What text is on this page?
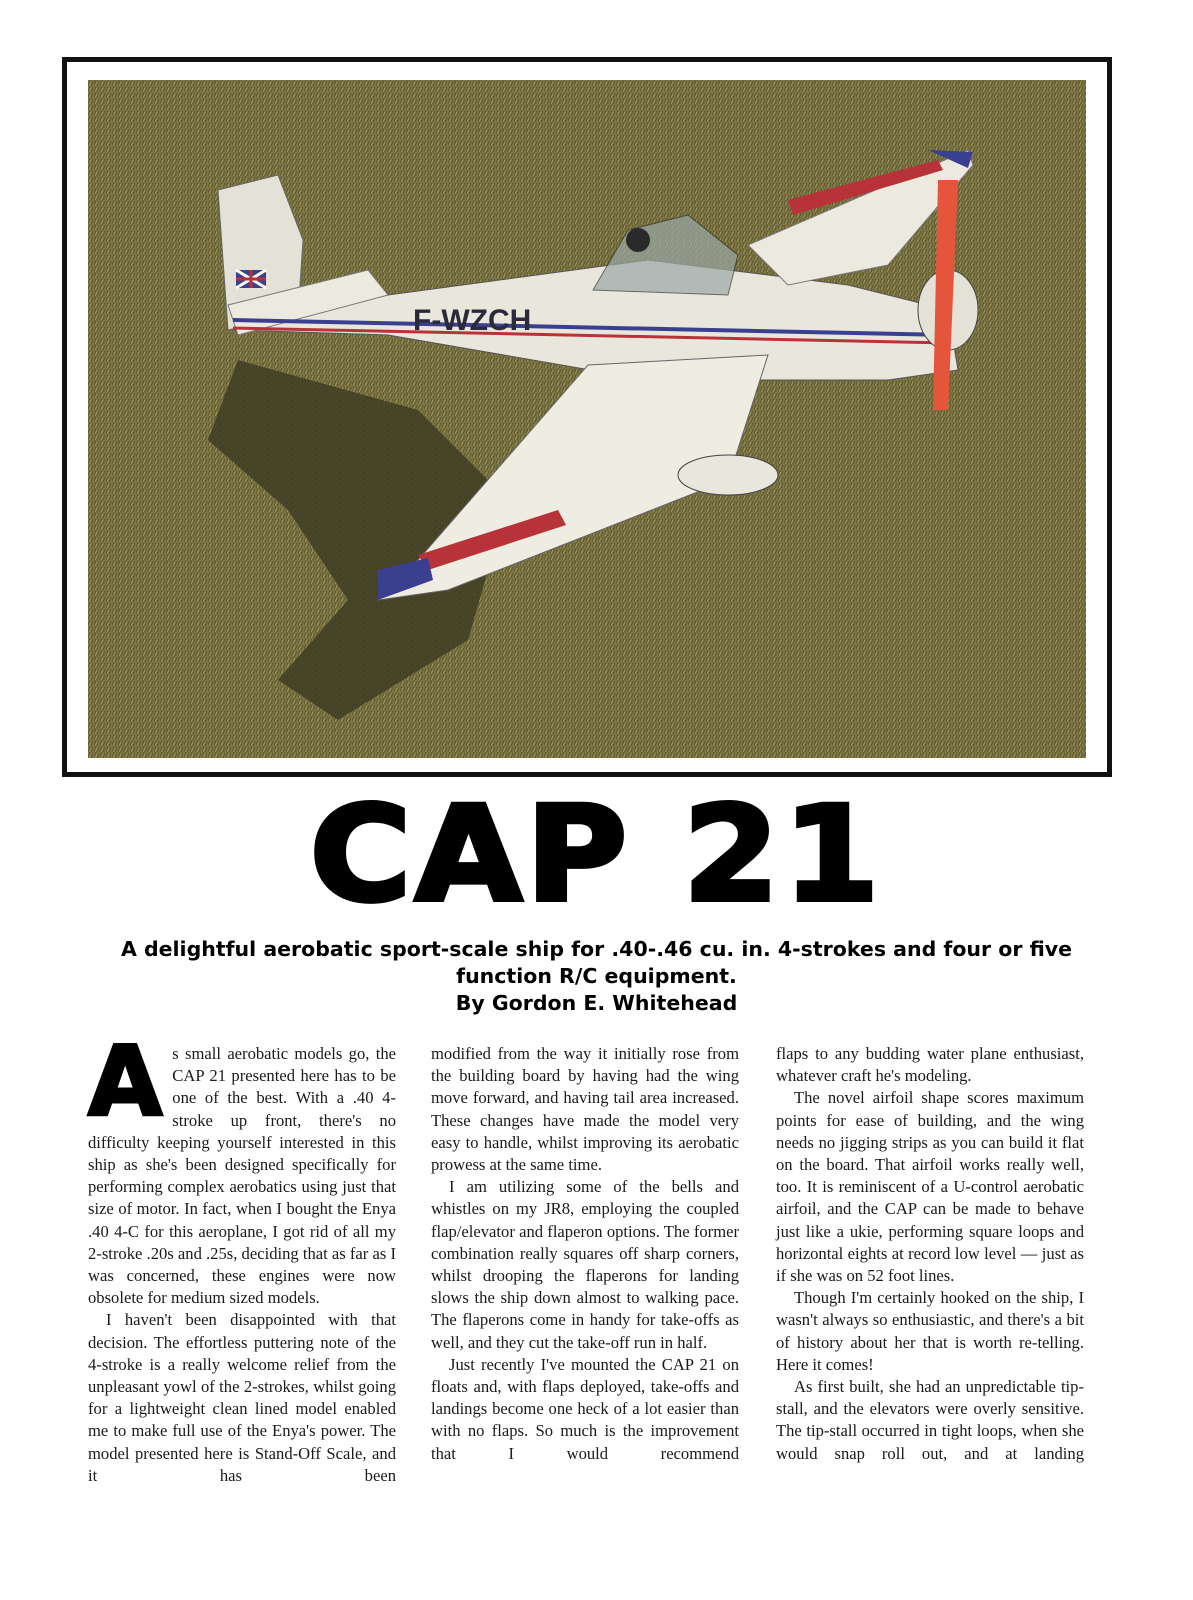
F-WZCH
CAP 21
A delightful aerobatic sport-scale ship for .40-.46 cu. in. 4-strokes and four or five function R/C equipment.
By Gordon E. Whitehead

As small aerobatic models go, the CAP 21 presented here has to be one of the best. With a .40 4-stroke up front, there's no difficulty keeping yourself interested in this ship as she's been designed specifically for performing complex aerobatics using just that size of motor. In fact, when I bought the Enya .40 4-C for this aeroplane, I got rid of all my 2-stroke .20s and .25s, deciding that as far as I was concerned, these engines were now obsolete for medium sized models.

I haven't been disappointed with that decision. The effortless puttering note of the 4-stroke is a really welcome relief from the unpleasant yowl of the 2-strokes, whilst going for a lightweight clean lined model enabled me to make full use of the Enya's power. The model presented here is Stand-Off Scale, and it has been

modified from the way it initially rose from the building board by having had the wing move forward, and having tail area increased. These changes have made the model very easy to handle, whilst improving its aerobatic prowess at the same time.

I am utilizing some of the bells and whistles on my JR8, employing the coupled flap/elevator and flaperon options. The former combination really squares off sharp corners, whilst drooping the flaperons for landing slows the ship down almost to walking pace. The flaperons come in handy for take-offs as well, and they cut the take-off run in half.

Just recently I've mounted the CAP 21 on floats and, with flaps deployed, take-offs and landings become one heck of a lot easier than with no flaps. So much is the improvement that I would recommend

flaps to any budding water plane enthusiast, whatever craft he's modeling.

The novel airfoil shape scores maximum points for ease of building, and the wing needs no jigging strips as you can build it flat on the board. That airfoil works really well, too. It is reminiscent of a U-control aerobatic airfoil, and the CAP can be made to behave just like a ukie, performing square loops and horizontal eights at record low level — just as if she was on 52 foot lines.

Though I'm certainly hooked on the ship, I wasn't always so enthusiastic, and there's a bit of history about her that is worth re-telling. Here it comes!

As first built, she had an unpredictable tip-stall, and the elevators were overly sensitive. The tip-stall occurred in tight loops, when she would snap roll out, and at landing
